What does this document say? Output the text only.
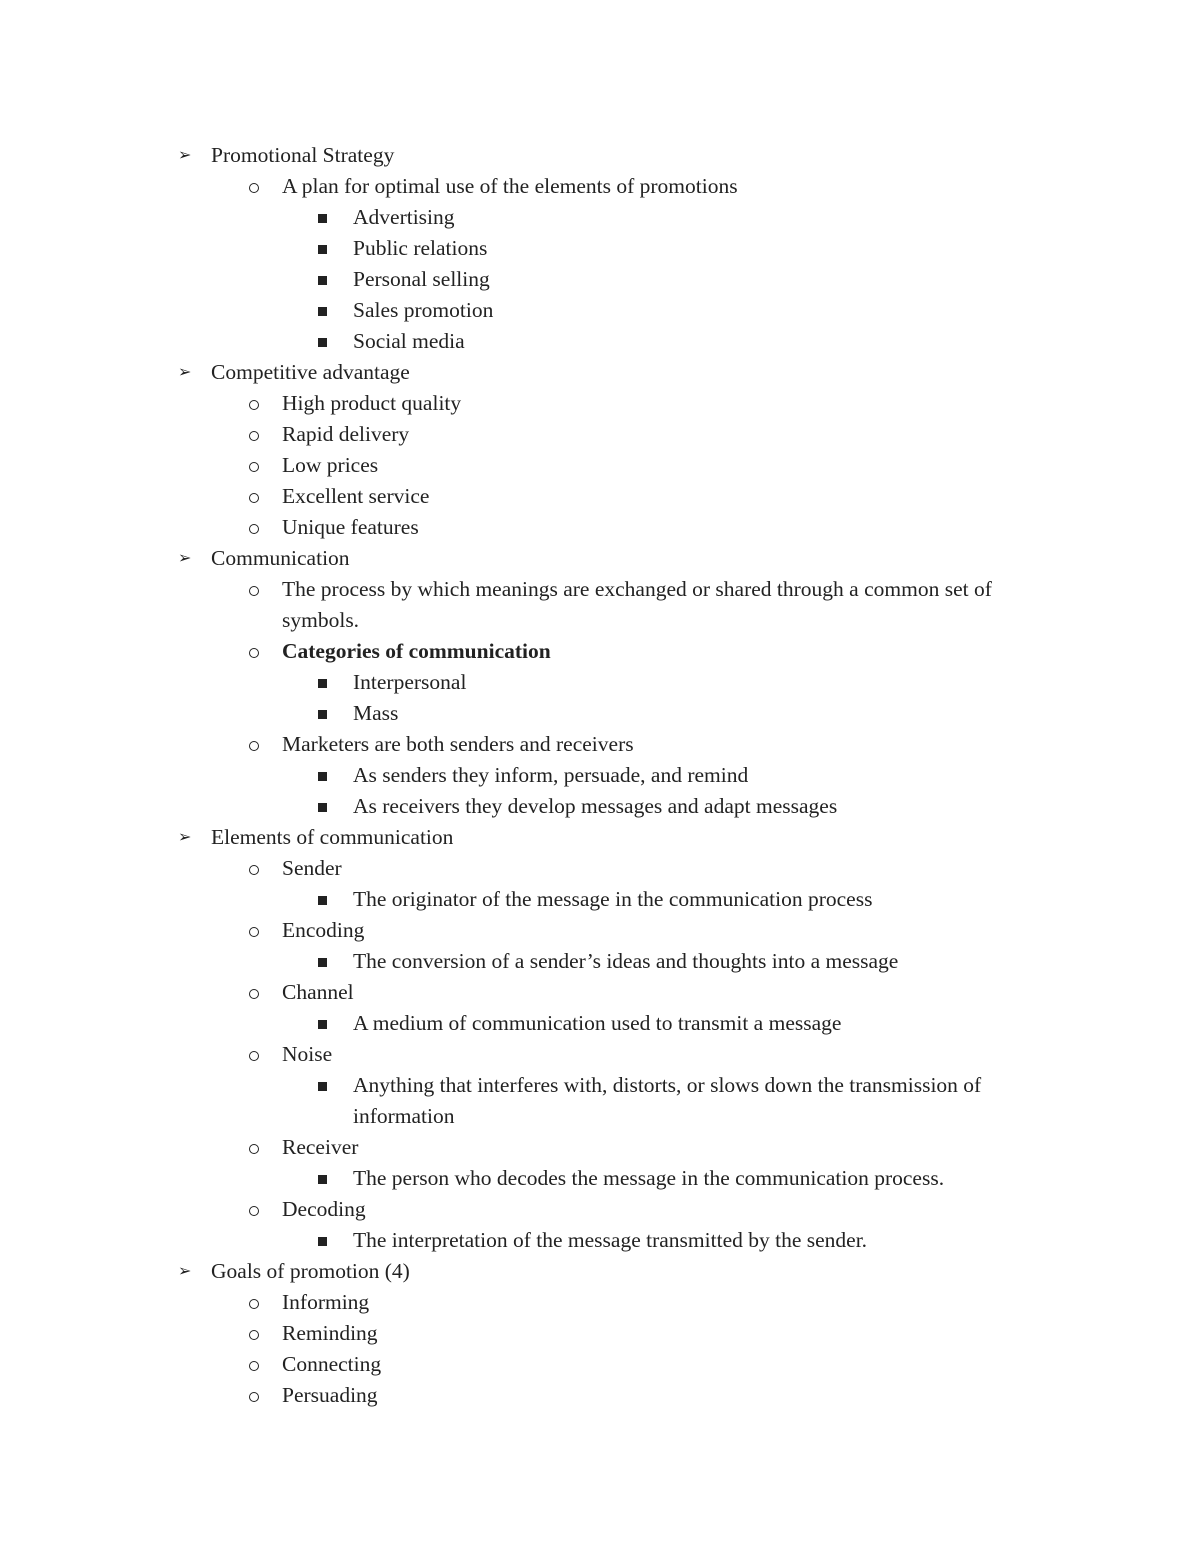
➢ Promotional Strategy
A plan for optimal use of the elements of promotions
Advertising
Public relations
Personal selling
Sales promotion
Social media
➢ Competitive advantage
High product quality
Rapid delivery
Low prices
Excellent service
Unique features
➢ Communication
The process by which meanings are exchanged or shared through a common set of symbols.
Categories of communication
Interpersonal
Mass
Marketers are both senders and receivers
As senders they inform, persuade, and remind
As receivers they develop messages and adapt messages
➢ Elements of communication
Sender
The originator of the message in the communication process
Encoding
The conversion of a sender’s ideas and thoughts into a message
Channel
A medium of communication used to transmit a message
Noise
Anything that interferes with, distorts, or slows down the transmission of information
Receiver
The person who decodes the message in the communication process.
Decoding
The interpretation of the message transmitted by the sender.
➢ Goals of promotion (4)
Informing
Reminding
Connecting
Persuading
